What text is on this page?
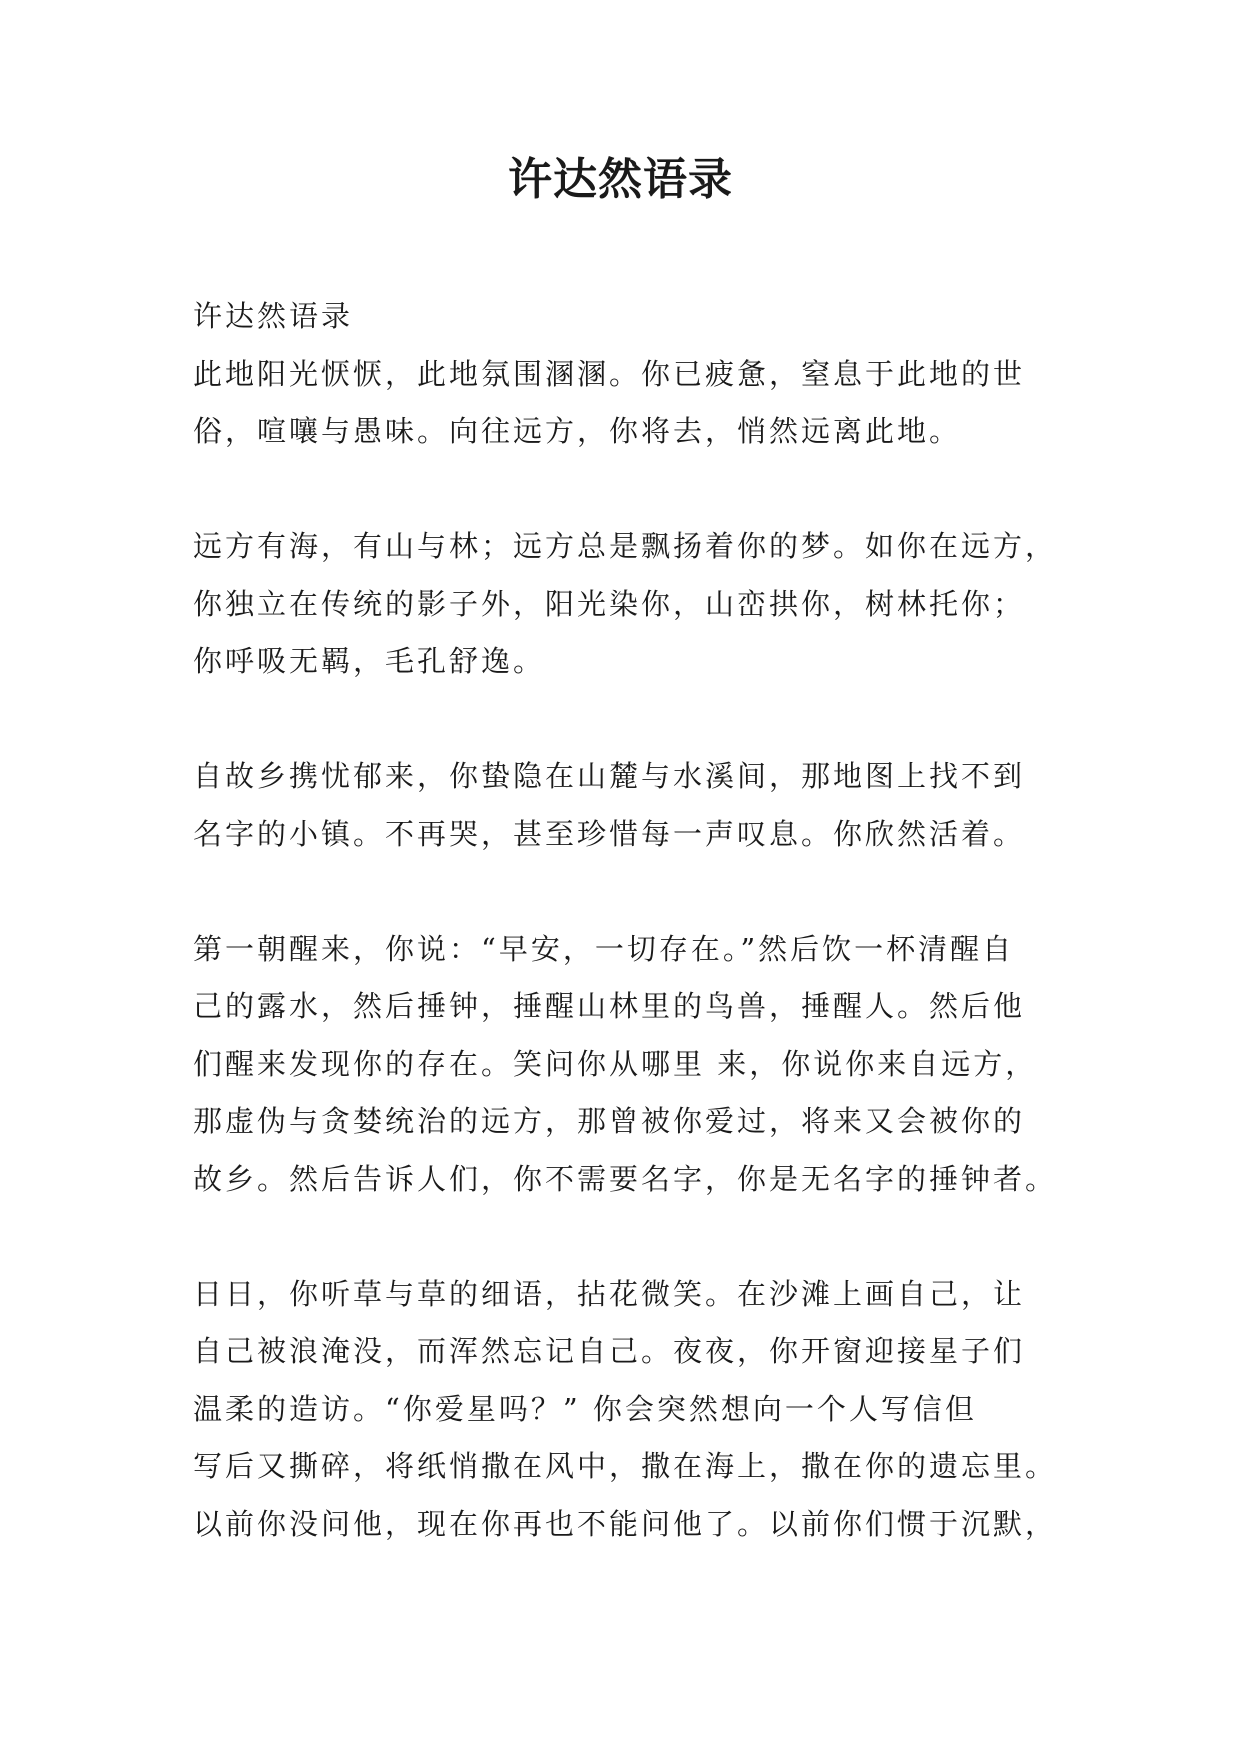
许达然语录
许达然语录
此地阳光恹恹，此地氛围溷溷。你已疲惫，窒息于此地的世
俗，喧嚷与愚味。向往远方，你将去，悄然远离此地。
远方有海，有山与林；远方总是飘扬着你的梦。如你在远方，
你独立在传统的影子外，阳光染你，山峦拱你，树林托你；
你呼吸无羁，毛孔舒逸。
自故乡携忧郁来，你蛰隐在山麓与水溪间，那地图上找不到
名字的小镇。不再哭，甚至珍惜每一声叹息。你欣然活着。
第一朝醒来，你说：“早安，一切存在。”然后饮一杯清醒自
己的露水，然后捶钟，捶醒山林里的鸟兽，捶醒人。然后他
们醒来发现你的存在。笑问你从哪里 来，你说你来自远方，
那虚伪与贪婪统治的远方，那曾被你爱过，将来又会被你的
故乡。然后告诉人们，你不需要名字，你是无名字的捶钟者。
日日，你听草与草的细语，拈花微笑。在沙滩上画自己，让
自己被浪淹没，而浑然忘记自己。夜夜，你开窗迎接星子们
温柔的造访。“你爱星吗？” 你会突然想向一个人写信但
写后又撕碎，将纸悄撒在风中，撒在海上，撒在你的遗忘里。
以前你没问他，现在你再也不能问他了。以前你们惯于沉默，
